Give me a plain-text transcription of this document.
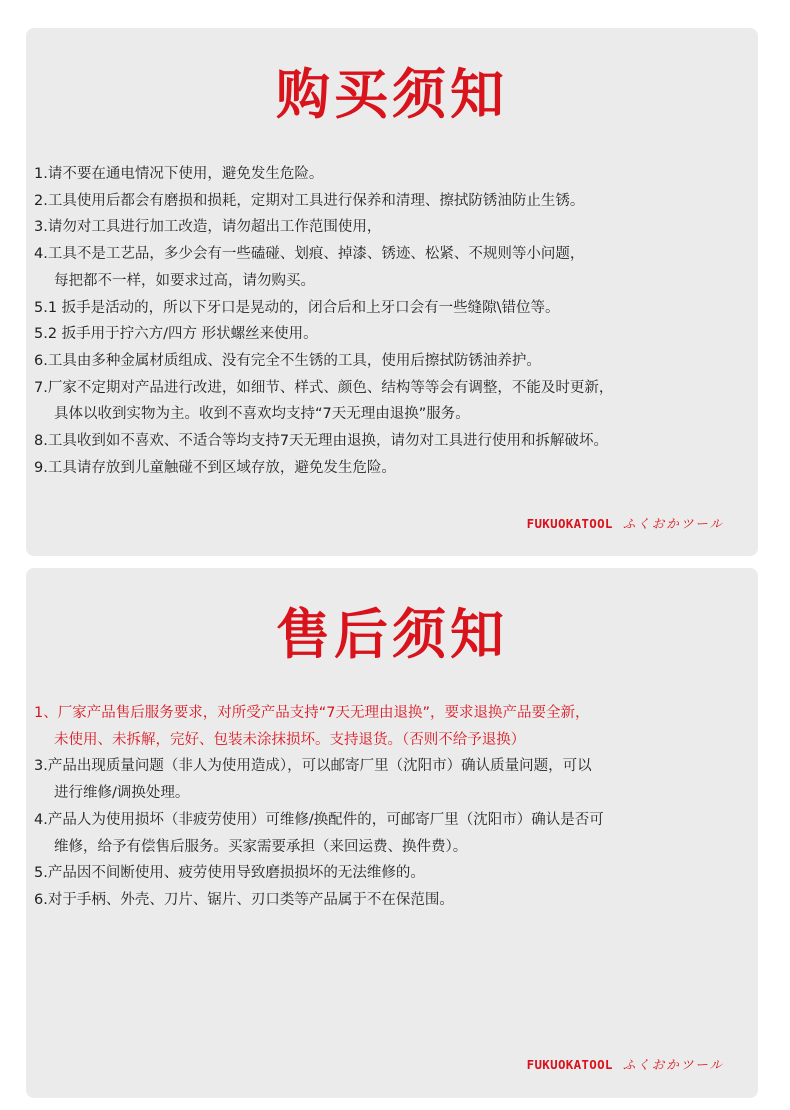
购买须知
1.请不要在通电情况下使用，避免发生危险。
2.工具使用后都会有磨损和损耗，定期对工具进行保养和清理、擦拭防锈油防止生锈。
3.请勿对工具进行加工改造，请勿超出工作范围使用，
4.工具不是工艺品，多少会有一些磕碰、划痕、掉漆、锈迹、松紧、不规则等小问题，
每把都不一样，如要求过高，请勿购买。
5.1 扳手是活动的，所以下牙口是晃动的，闭合后和上牙口会有一些缝隙\错位等。
5.2 扳手用于拧六方/四方 形状螺丝来使用。
6.工具由多种金属材质组成、没有完全不生锈的工具，使用后擦拭防锈油养护。
7.厂家不定期对产品进行改进，如细节、样式、颜色、结构等等会有调整，不能及时更新，
具体以收到实物为主。收到不喜欢均支持“7天无理由退换”服务。
8.工具收到如不喜欢、不适合等均支持7天无理由退换，请勿对工具进行使用和拆解破坏。
9.工具请存放到儿童触碰不到区域存放，避免发生危险。
FUKUOKATOOL ふくおかツール
售后须知
1、厂家产品售后服务要求，对所受产品支持“7天无理由退换”，要求退换产品要全新，
未使用、未拆解，完好、包装未涂抹损坏。支持退货。（否则不给予退换）
3.产品出现质量问题（非人为使用造成），可以邮寄厂里（沈阳市）确认质量问题，可以
进行维修/调换处理。
4.产品人为使用损坏（非疲劳使用）可维修/换配件的，可邮寄厂里（沈阳市）确认是否可
维修，给予有偿售后服务。买家需要承担（来回运费、换件费）。
5.产品因不间断使用、疲劳使用导致磨损损坏的无法维修的。
6.对于手柄、外壳、刀片、锯片、刃口类等产品属于不在保范围。
FUKUOKATOOL ふくおかツール
